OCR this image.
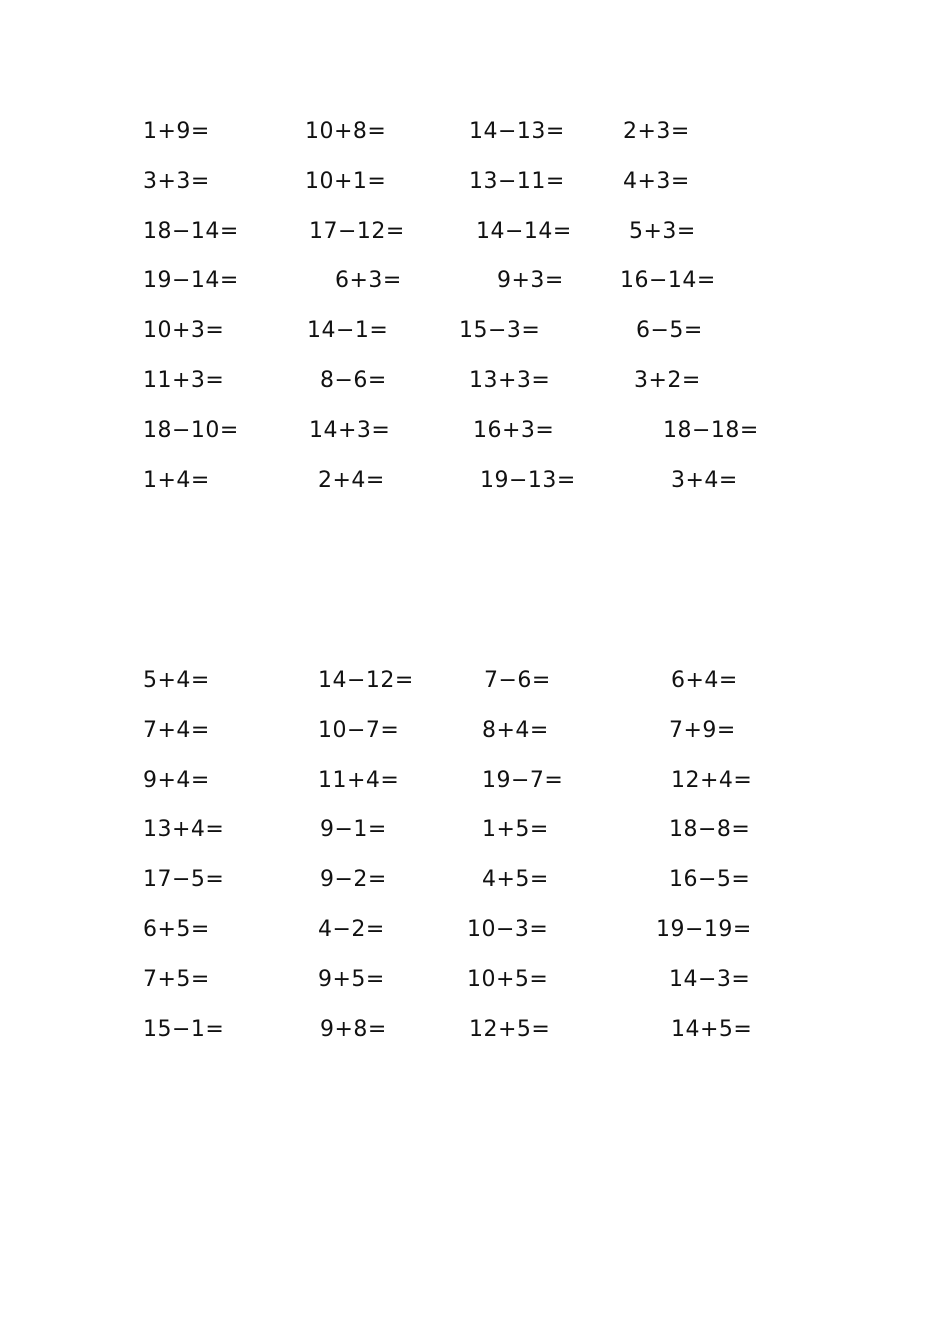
1+9=	10+8=	14−13=	2+3=
3+3=	10+1=	13−11=	4+3=
18−14=	17−12=	14−14=	5+3=
19−14=	6+3=	9+3=	16−14=
10+3=	14−1=	15−3=	6−5=
11+3=	8−6=	13+3=	3+2=
18−10=	14+3=	16+3=	18−18=
1+4=	2+4=	19−13=	3+4=
5+4=	14−12=	7−6=	6+4=
7+4=	10−7=	8+4=	7+9=
9+4=	11+4=	19−7=	12+4=
13+4=	9−1=	1+5=	18−8=
17−5=	9−2=	4+5=	16−5=
6+5=	4−2=	10−3=	19−19=
7+5=	9+5=	10+5=	14−3=
15−1=	9+8=	12+5=	14+5=
